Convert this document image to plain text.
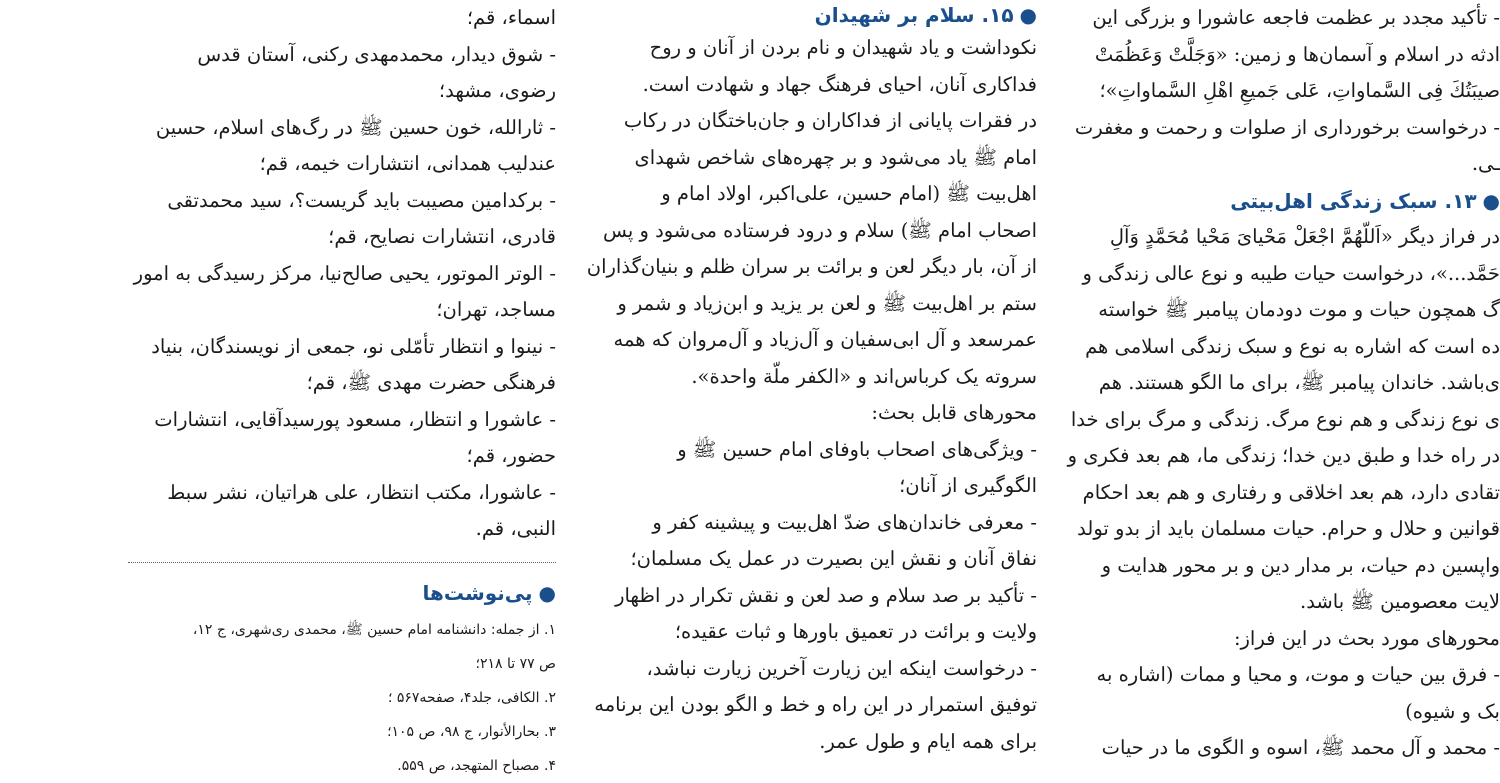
- تأکید مجدد بر عظمت فاجعه عاشورا و بزرگی این
ادثه در اسلام و آسمان‌ها و زمین: «وَجَلَّتْ وَعَظُمَتْ
صیبَتُكَ فِی السَّماواتِ، عَلى جَمیعِ اهْلِ السَّماواتِ»؛
- درخواست برخورداری از صلوات و رحمت و مغفرت
ـی.
●۱۳. سبک زندگی اهل‌بیتی
در فراز دیگر «اَللّهُمَّ اجْعَلْ مَحْیایَ مَحْیا مُحَمَّدٍ وَآلِ
حَمَّد...»، درخواست حیات طیبه و نوع عالی زندگی و
گ همچون حیات و موت دودمان پیامبر ﷺ خواسته
ده است که اشاره به نوع و سبک زندگی اسلامی هم
ی‌باشد. خاندان پیامبر ﷺ، برای ما الگو هستند. هم
ی نوع زندگی و هم نوع مرگ. زندگی و مرگ برای خدا
در راه خدا و طبق دین خدا؛ زندگی ما، هم بعد فکری و
تقادی دارد، هم بعد اخلاقی و رفتاری و هم بعد احکام
قوانین و حلال و حرام. حیات مسلمان باید از بدو تولد
واپسین دم حیات، بر مدار دین و بر محور هدایت و
لایت معصومین ﷺ باشد.
محورهای مورد بحث در این فراز:
- فرق بین حیات و موت، و محیا و ممات (اشاره به
بک و شیوه)
- محمد و آل محمد ﷺ، اسوه و الگوی ما در حیات
●۱۵. سلام بر شهیدان
نکوداشت و یاد شهیدان و نام بردن از آنان و روح
فداکاری آنان، احیای فرهنگ جهاد و شهادت است.
در فقرات پایانی از فداکاران و جان‌باختگان در رکاب
امام ﷺ یاد می‌شود و بر چهره‌های شاخص شهدای
اهل‌بیت ﷺ (امام حسین، علی‌اکبر، اولاد امام و
اصحاب امام ﷺ) سلام و درود فرستاده می‌شود و پس
از آن، بار دیگر لعن و برائت بر سران ظلم و بنیان‌گذاران
ستم بر اهل‌بیت ﷺ و لعن بر یزید و ابن‌زیاد و شمر و
عمرسعد و آل ابی‌سفیان و آل‌زیاد و آل‌مروان که همه
سروته یک کرباس‌اند و «الکفر ملّة واحدة».
محورهای قابل بحث:
- ویژگی‌های اصحاب باوفای امام حسین ﷺ و
الگوگیری از آنان؛
- معرفی خاندان‌های ضدّ اهل‌بیت و پیشینه کفر و
نفاق آنان و نقش این بصیرت در عمل یک مسلمان؛
- تأکید بر صد سلام و صد لعن و نقش تکرار در اظهار
ولایت و برائت در تعمیق باورها و ثبات عقیده؛
- درخواست اینکه این زیارت آخرین زیارت نباشد،
توفیق استمرار در این راه و خط و الگو بودن این برنامه
برای همه ایام و طول عمر.
اسماء، قم؛
- شوق دیدار، محمدمهدی رکنی، آستان قدس
رضوی، مشهد؛
- ثارالله، خون حسین ﷺ در رگ‌های اسلام، حسین
عندلیب همدانی، انتشارات خیمه، قم؛
- برکدامین مصیبت باید گریست؟، سید محمدتقی
قادری، انتشارات نصایح، قم؛
- الوتر الموتور، یحیی صالح‌نیا، مرکز رسیدگی به امور
مساجد، تهران؛
- نینوا و انتظار تأمّلی نو، جمعی از نویسندگان، بنیاد
فرهنگی حضرت مهدی ﷺ، قم؛
- عاشورا و انتظار، مسعود پورسیدآقایی، انتشارات
حضور، قم؛
- عاشورا، مکتب انتظار، علی هراتیان، نشر سبط
النبی، قم.
●پی‌نوشت‌ها
۱. از جمله: دانشنامه امام حسین ﷺ، محمدی ری‌شهری، ج ۱۲،
ص ۷۷ تا ۲۱۸؛
۲. الکافی، جلد۴، صفحه۵۶۷ ؛
۳. بحارالأنوار، ج ۹۸، ص ۱۰۵؛
۴. مصباح المتهجد، ص ۵۵۹.
